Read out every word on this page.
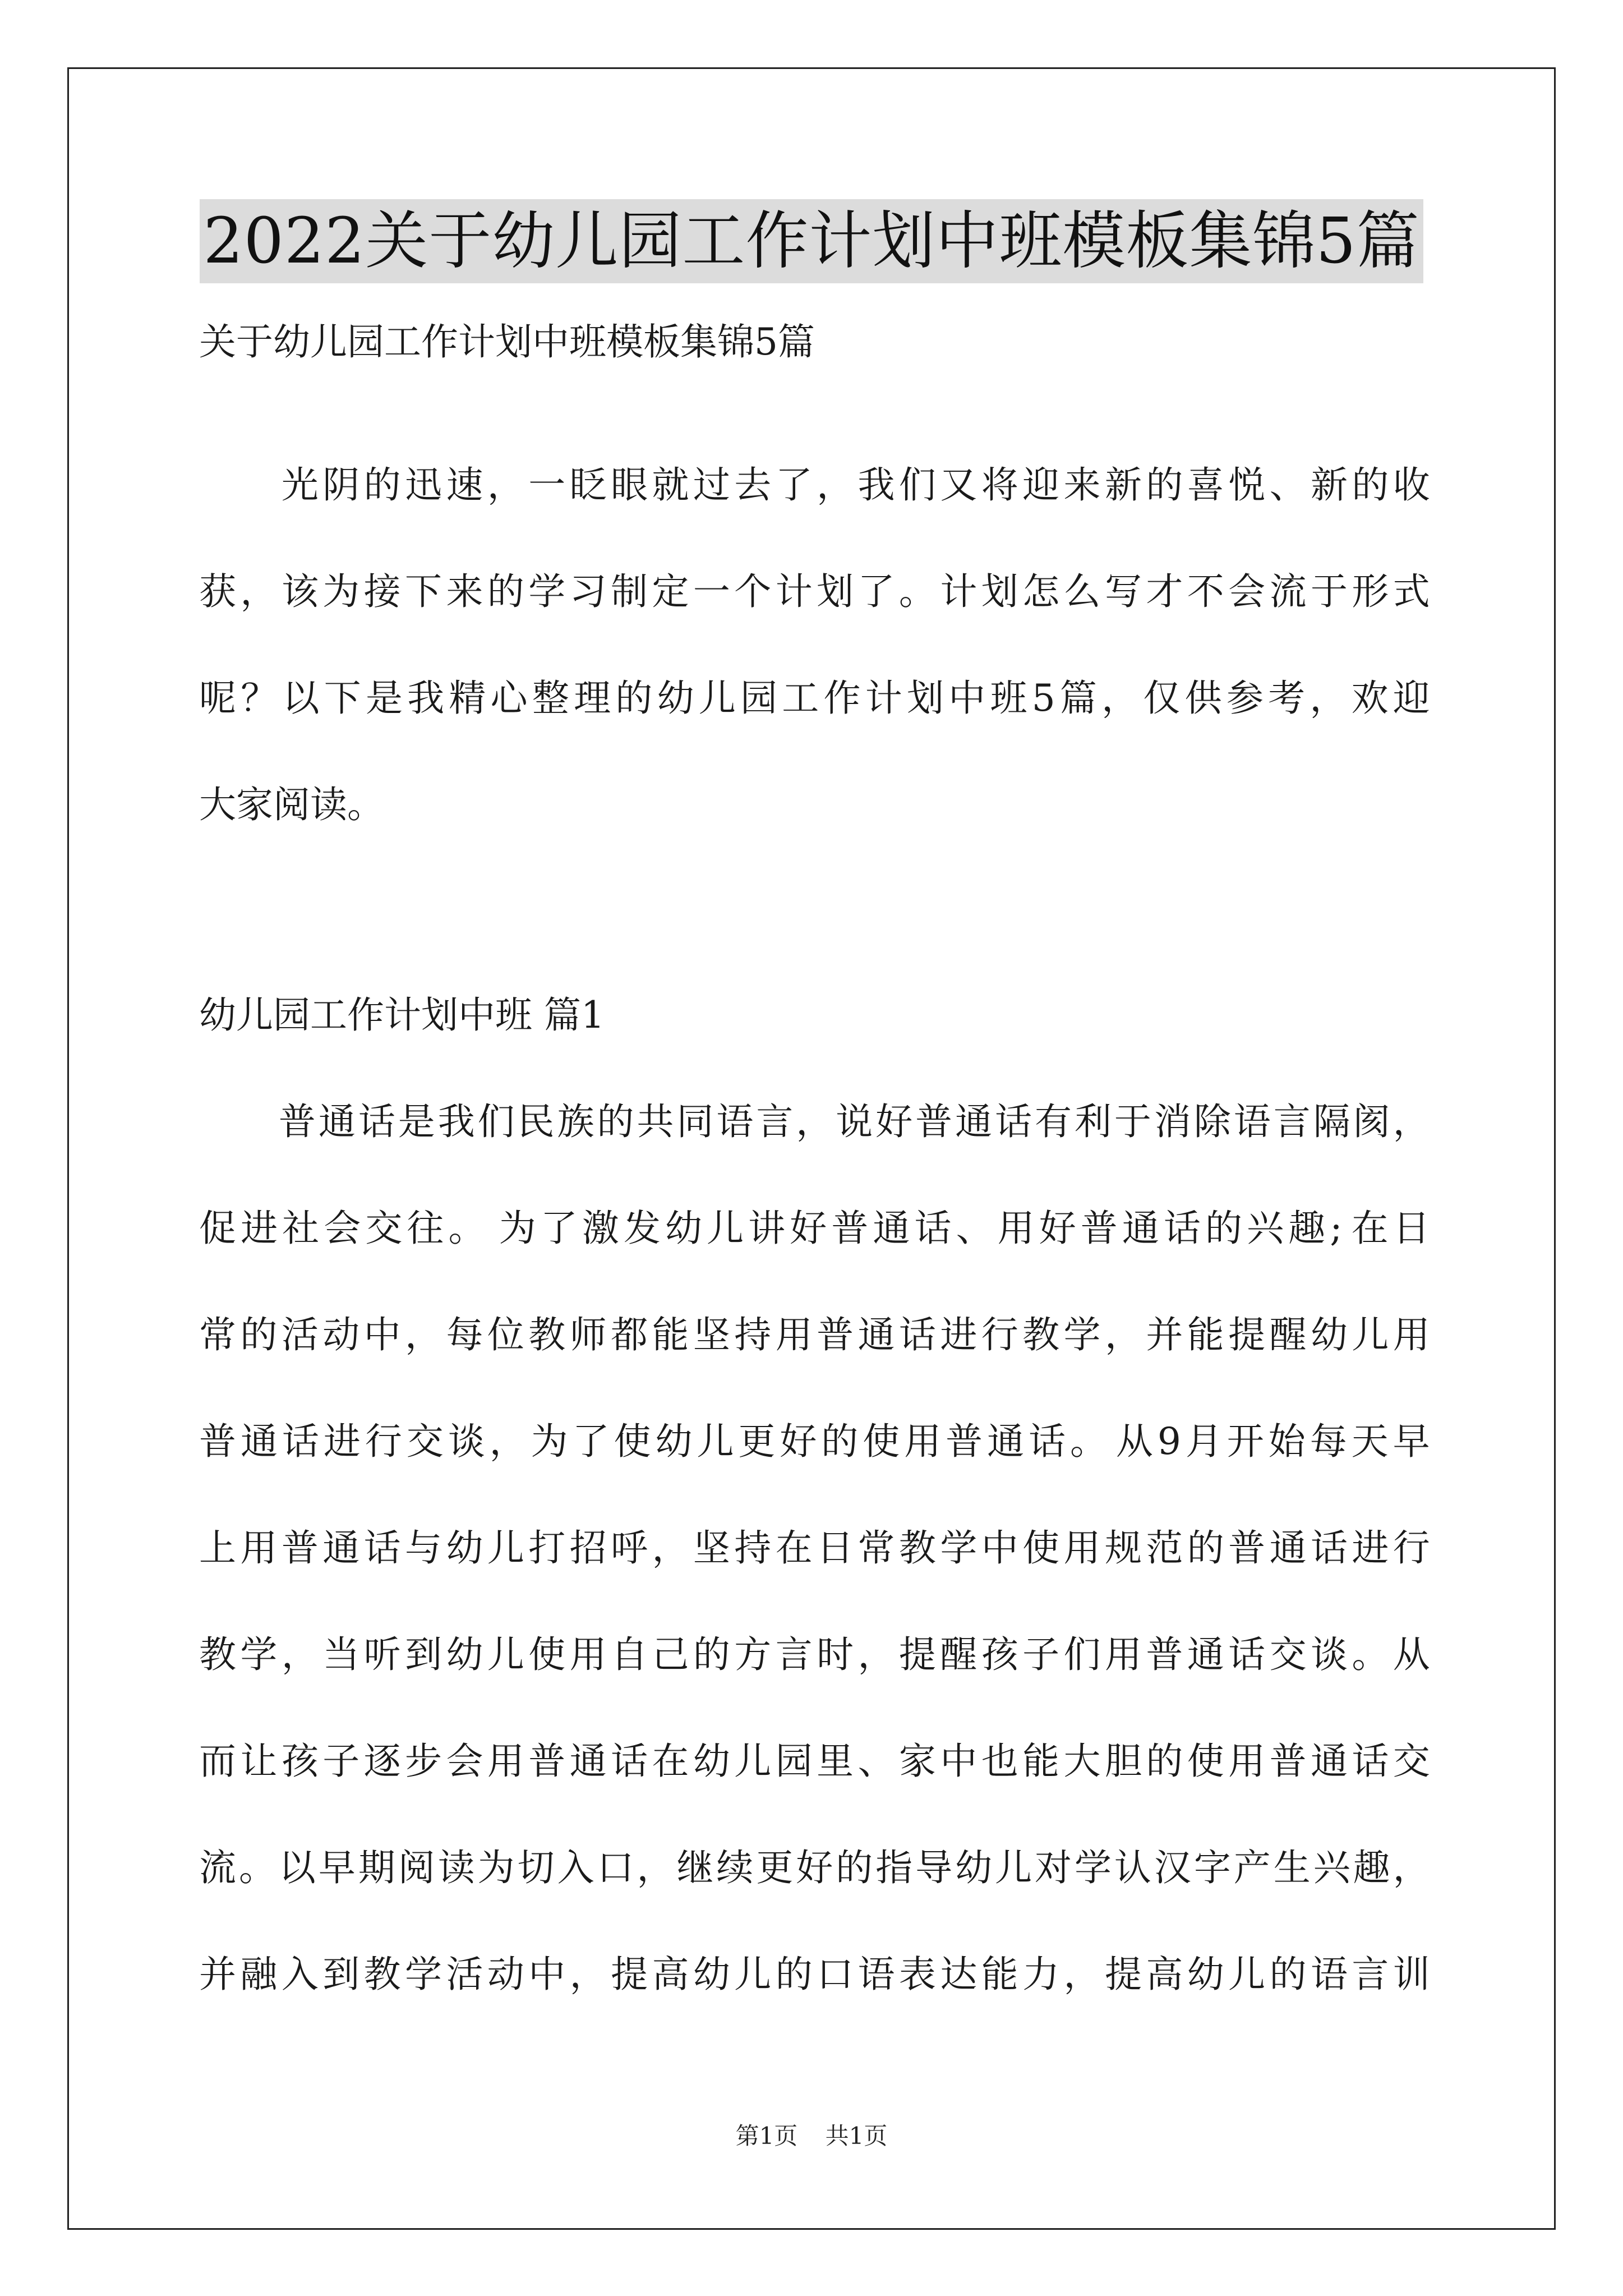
2022关于幼儿园工作计划中班模板集锦5篇
关于幼儿园工作计划中班模板集锦5篇

光 阴 的 迅 速 ， 一 眨 眼 就 过 去 了 ， 我 们 又 将 迎 来 新 的 喜 悦 、 新 的 收
获 ， 该 为 接 下 来 的 学 习 制 定 一 个 计 划 了 。 计 划 怎 么 写 才 不 会 流 于 形 式
呢 ？ 以 下 是 我 精 心 整 理 的 幼 儿 园 工 作 计 划 中 班 5 篇 ， 仅 供 参 考 ， 欢 迎
大家阅读。
幼儿园工作计划中班 篇1

普 通 话 是 我 们 民 族 的 共 同 语 言 ， 说 好 普 通 话 有 利 于 消 除 语 言 隔 阂 ，
促 进 社 会 交 往 。 为 了 激 发 幼 儿 讲 好 普 通 话 、 用 好 普 通 话 的 兴 趣 ; 在 日
常 的 活 动 中 ， 每 位 教 师 都 能 坚 持 用 普 通 话 进 行 教 学 ， 并 能 提 醒 幼 儿 用
普 通 话 进 行 交 谈 ， 为 了 使 幼 儿 更 好 的 使 用 普 通 话 。 从 9 月 开 始 每 天 早
上 用 普 通 话 与 幼 儿 打 招 呼 ， 坚 持 在 日 常 教 学 中 使 用 规 范 的 普 通 话 进 行
教 学 ， 当 听 到 幼 儿 使 用 自 己 的 方 言 时 ， 提 醒 孩 子 们 用 普 通 话 交 谈 。 从
而 让 孩 子 逐 步 会 用 普 通 话 在 幼 儿 园 里 、 家 中 也 能 大 胆 的 使 用 普 通 话 交
流 。 以 早 期 阅 读 为 切 入 口 ， 继 续 更 好 的 指 导 幼 儿 对 学 认 汉 字 产 生 兴 趣 ，
并 融 入 到 教 学 活 动 中 ， 提 高 幼 儿 的 口 语 表 达 能 力 ， 提 高 幼 儿 的 语 言 训
第1页 共1页
